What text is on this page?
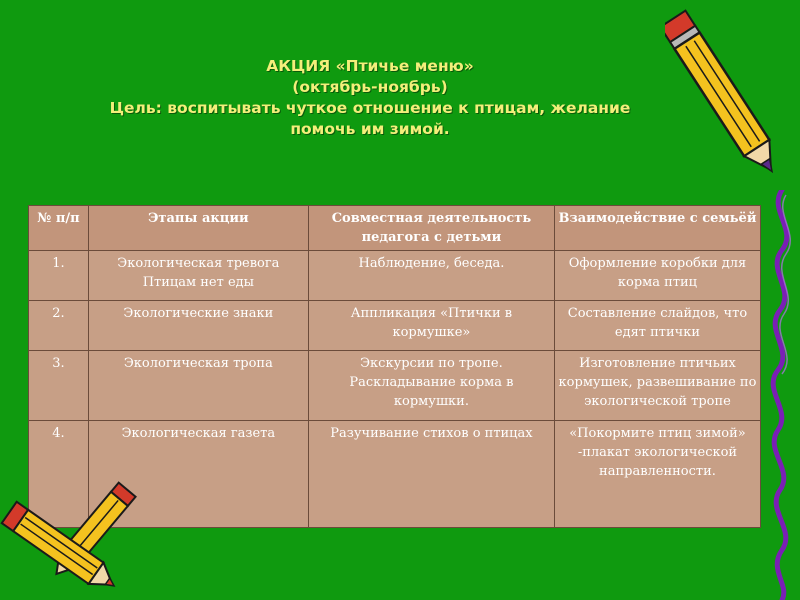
АКЦИЯ «Птичье меню»
(октябрь-ноябрь)
Цель: воспитывать чуткое отношение к птицам, желание
помочь им зимой.
№ п/п	Этапы акции	Совместная деятельность педагога с детьми	Взаимодействие с семьёй
1.	Экологическая тревога Птицам нет еды	Наблюдение, беседа.	Оформление коробки для корма птиц
2.	Экологические знаки	Аппликация «Птички в кормушке»	Составление слайдов, что едят птички
3.	Экологическая тропа	Экскурсии по тропе. Раскладывание корма в кормушки.	Изготовление птичьих кормушек, развешивание по экологической тропе
4.	Экологическая газета	Разучивание стихов о птицах	«Покормите птиц зимой» -плакат экологической направленности.
